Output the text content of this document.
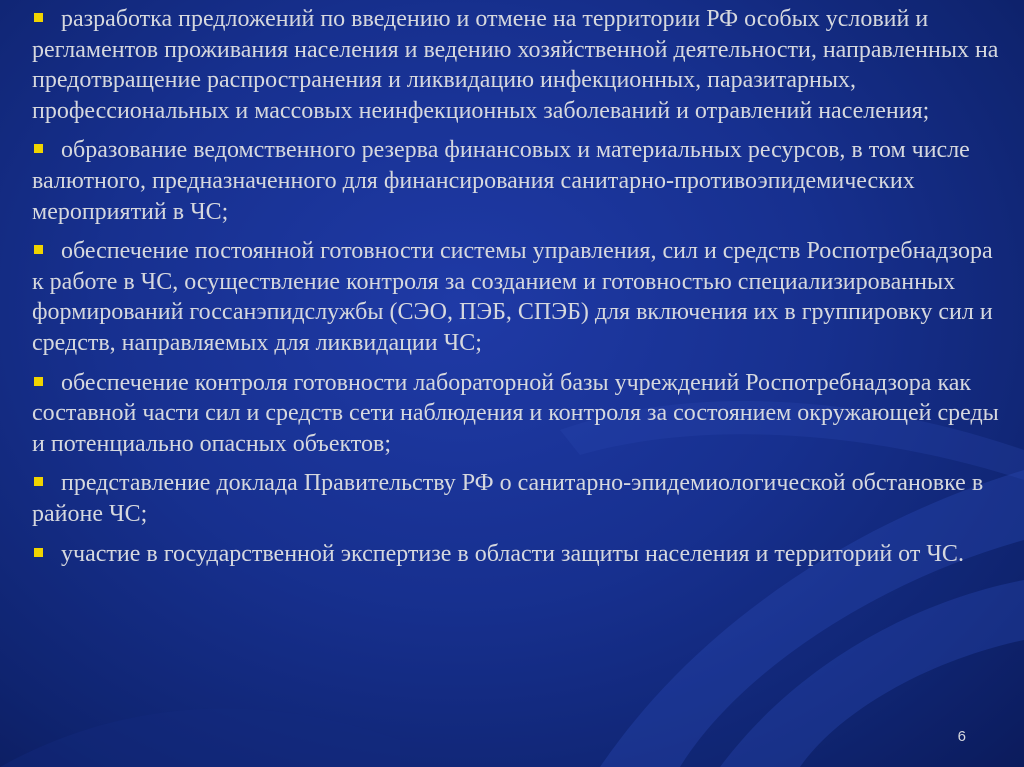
разработка предложений по введению и отмене на территории РФ особых условий и регламентов проживания населения и ведению хозяйственной деятельности, направленных на предотвращение распространения и ликвидацию инфекционных, паразитарных, профессиональных и массовых неинфекционных заболеваний и отравлений населения;

образование ведомственного резерва финансовых и материальных ресурсов, в том числе валютного, предназначенного для финансирования санитарно-противоэпидемических мероприятий в ЧС;

обеспечение постоянной готовности системы управления, сил и средств Роспотребнадзора к работе в ЧС, осуществление контроля за созданием и готовностью специализированных формирований госсанэпидслужбы (СЭО, ПЭБ, СПЭБ) для включения их в группировку сил и средств, направляемых для ликвидации ЧС;

обеспечение контроля готовности лабораторной базы учреждений Роспотребнадзора как составной части сил и средств сети наблюдения и контроля за состоянием окружающей среды и потенциально опасных объектов;

представление доклада Правительству РФ о санитарно-эпидемиологической обстановке в районе ЧС;

участие в государственной экспертизе в области защиты населения и территорий от ЧС.

6
